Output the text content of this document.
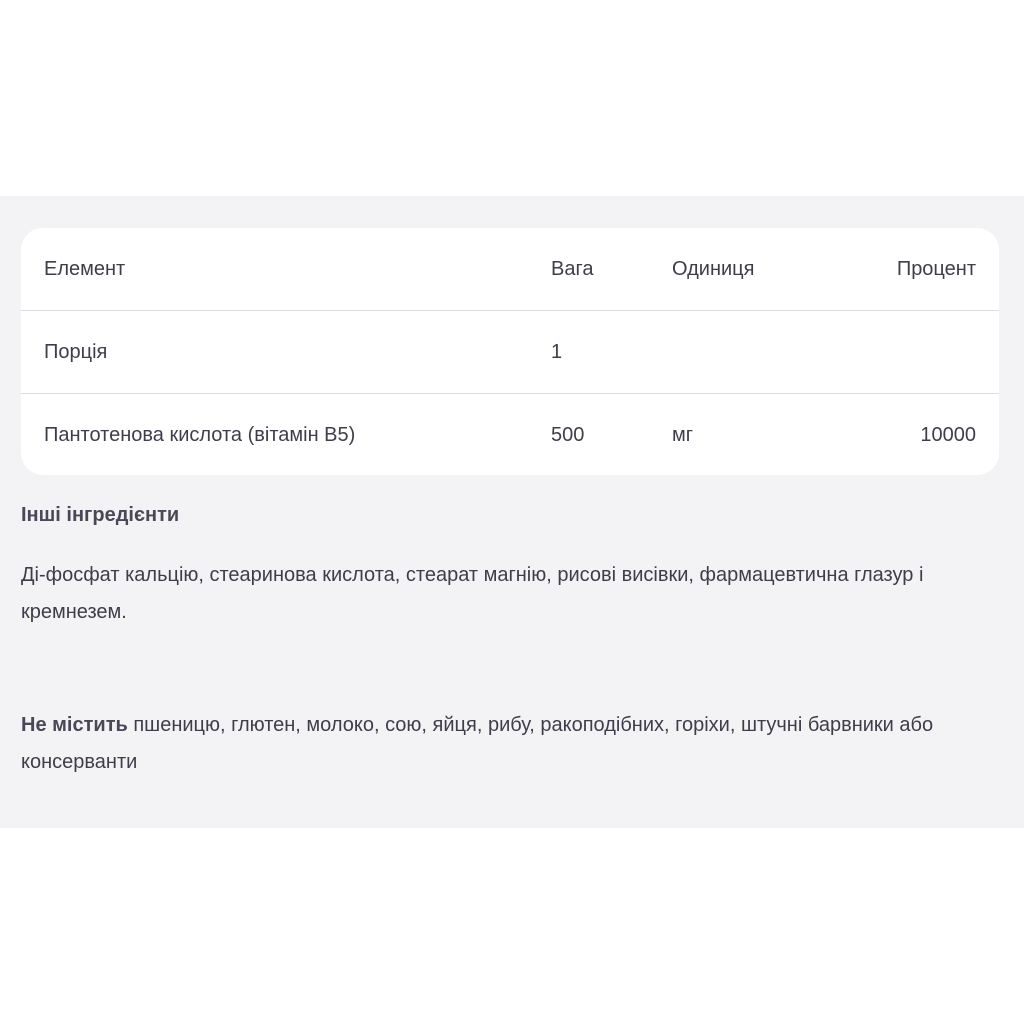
Елемент	Вага	Одиниця	Процент
Порція	1
Пантотенова кислота (вітамін B5)	500	мг	10000
Інші інгредієнти
Ді-фосфат кальцію, стеаринова кислота, стеарат магнію, рисові висівки, фармацевтична глазур і кремнезем.
Не містить пшеницю, глютен, молоко, сою, яйця, рибу, ракоподібних, горіхи, штучні барвники або консерванти
